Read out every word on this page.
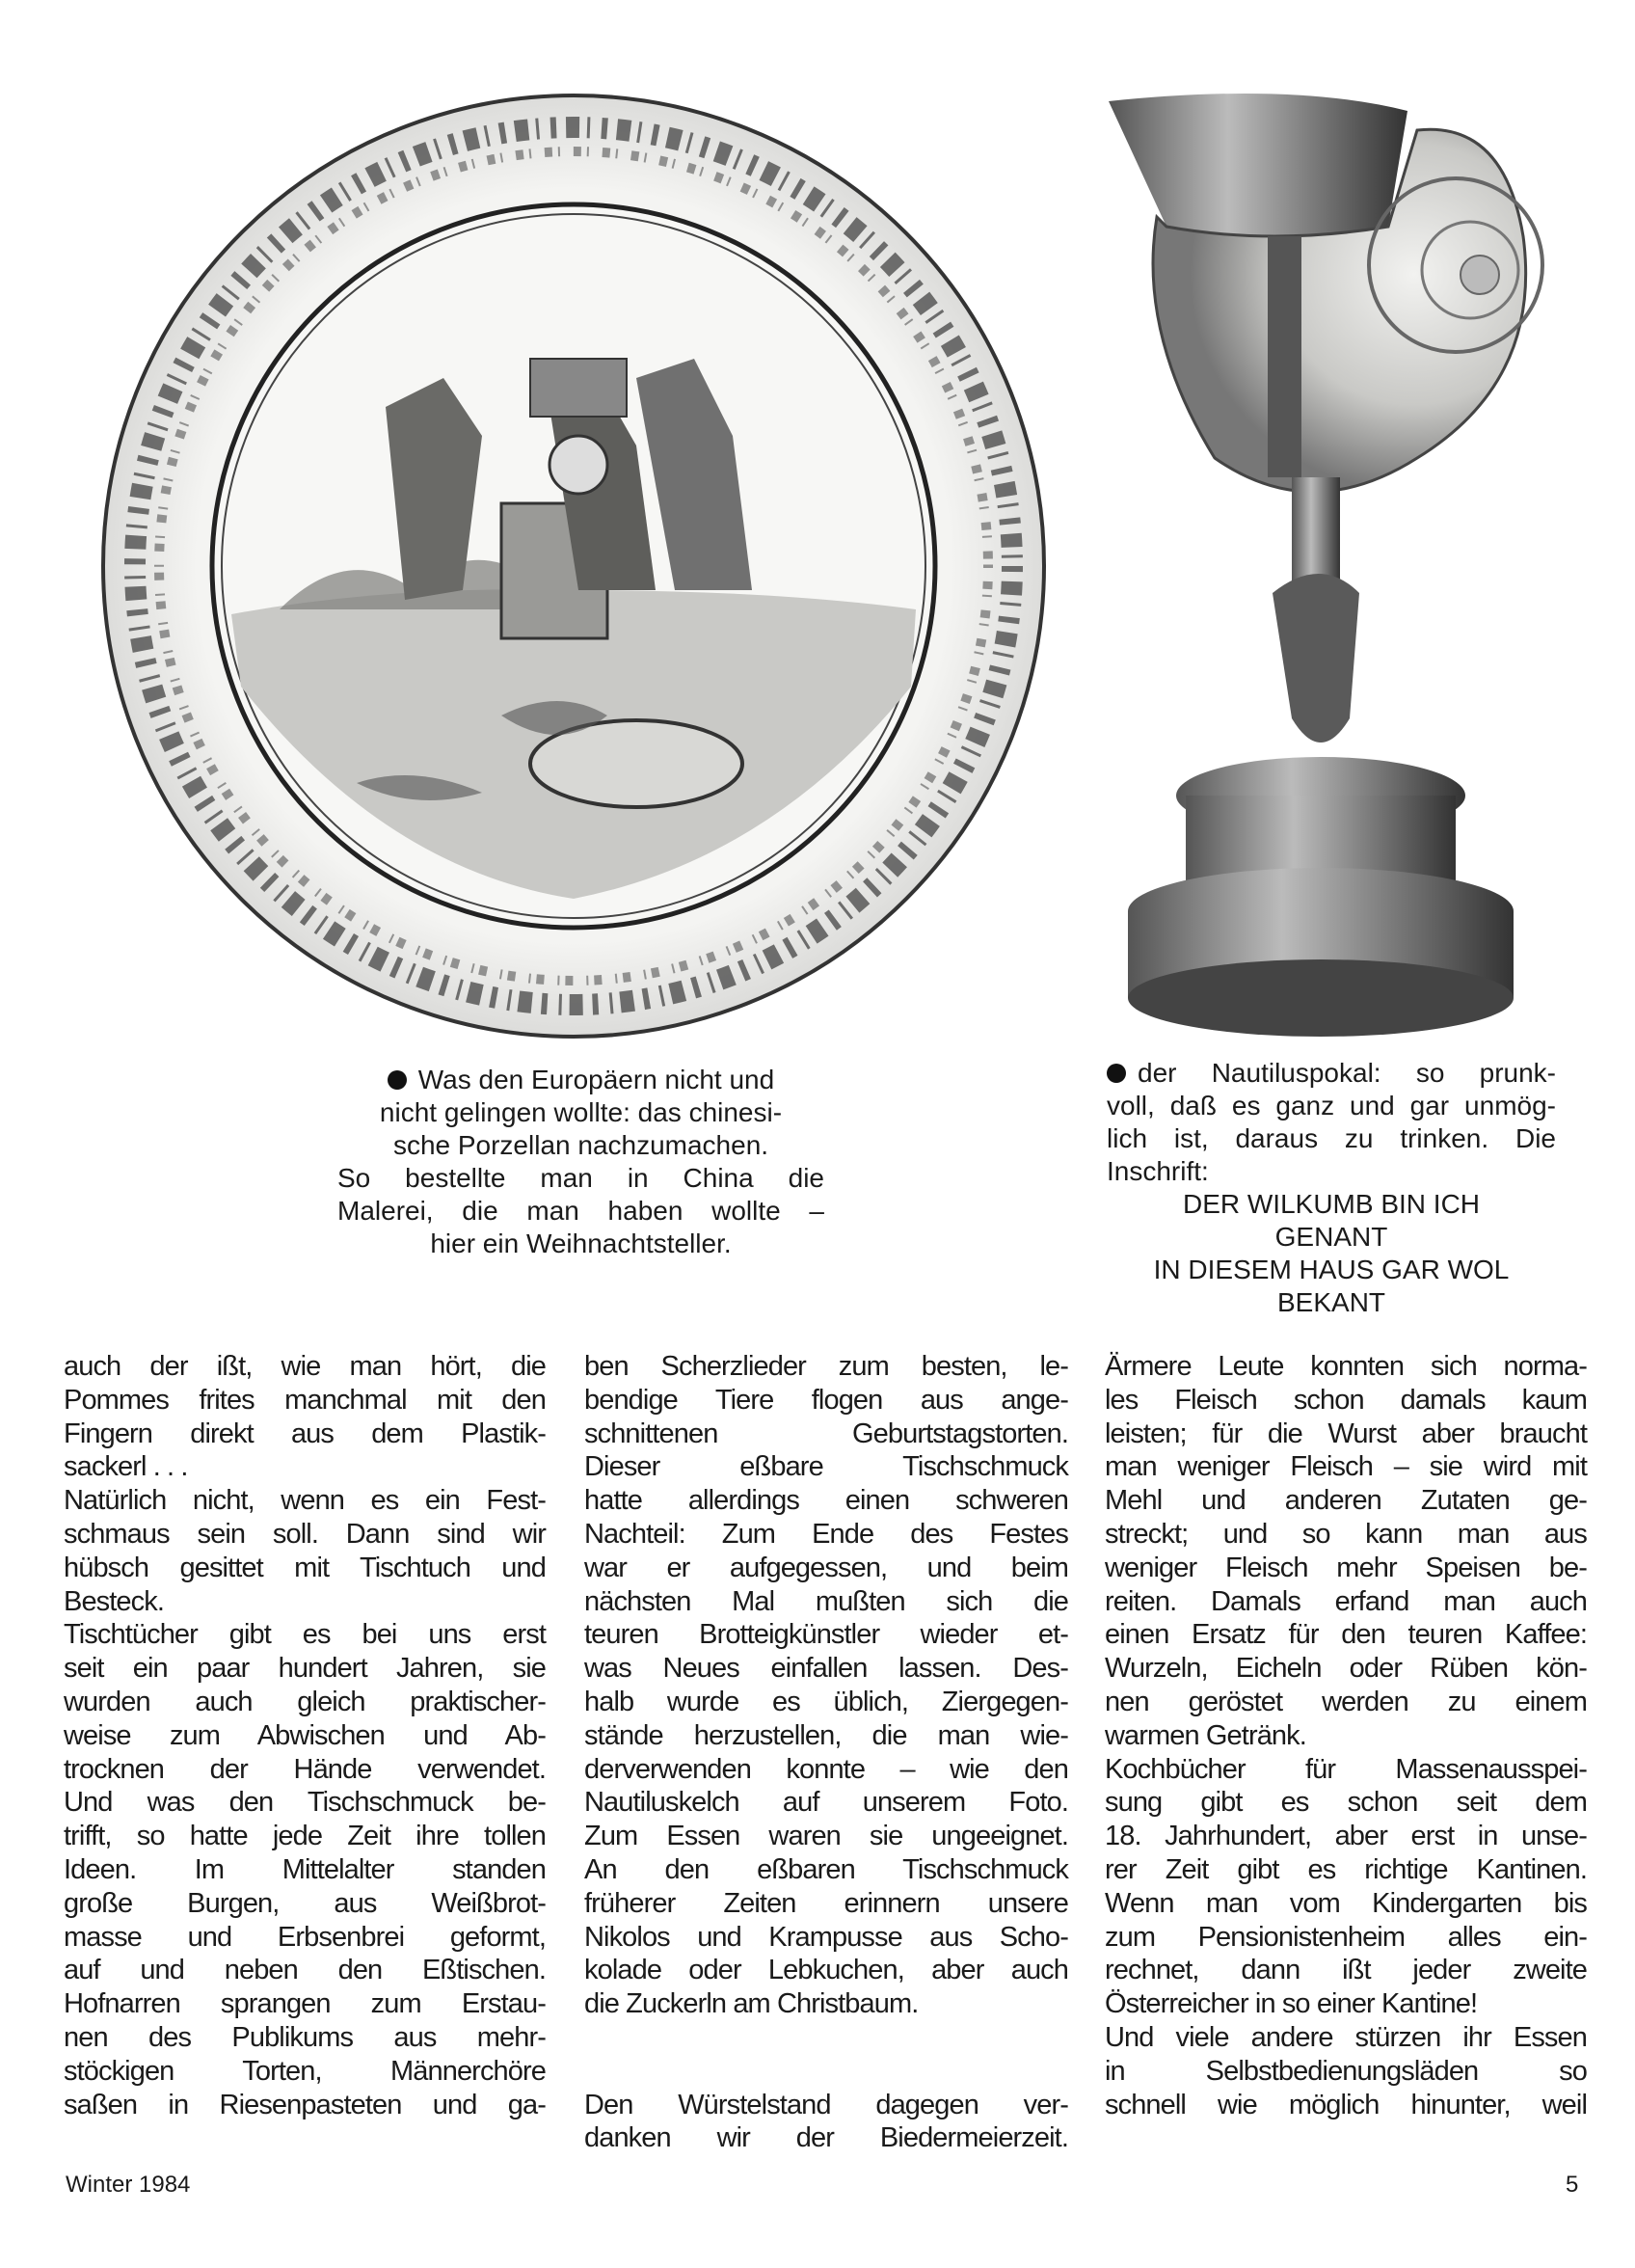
Was den Europäern nicht und
nicht gelingen wollte: das chinesi-
sche Porzellan nachzumachen.
So bestellte man in China die
Malerei, die man haben wollte –
hier ein Weihnachtsteller.
der Nautiluspokal: so prunk-
voll, daß es ganz und gar unmög-
lich ist, daraus zu trinken. Die
Inschrift:
DER WILKUMB BIN ICH
GENANT
IN DIESEM HAUS GAR WOL
BEKANT
auch der ißt, wie man hört, die
Pommes frites manchmal mit den
Fingern direkt aus dem Plastik-
sackerl . . .
Natürlich nicht, wenn es ein Fest-
schmaus sein soll. Dann sind wir
hübsch gesittet mit Tischtuch und
Besteck.
Tischtücher gibt es bei uns erst
seit ein paar hundert Jahren, sie
wurden auch gleich praktischer-
weise zum Abwischen und Ab-
trocknen der Hände verwendet.
Und was den Tischschmuck be-
trifft, so hatte jede Zeit ihre tollen
Ideen. Im Mittelalter standen
große Burgen, aus Weißbrot-
masse und Erbsenbrei geformt,
auf und neben den Eßtischen.
Hofnarren sprangen zum Erstau-
nen des Publikums aus mehr-
stöckigen Torten, Männerchöre
saßen in Riesenpasteten und ga-
ben Scherzlieder zum besten, le-
bendige Tiere flogen aus ange-
schnittenen Geburtstagstorten.
Dieser eßbare Tischschmuck
hatte allerdings einen schweren
Nachteil: Zum Ende des Festes
war er aufgegessen, und beim
nächsten Mal mußten sich die
teuren Brotteigkünstler wieder et-
was Neues einfallen lassen. Des-
halb wurde es üblich, Ziergegen-
stände herzustellen, die man wie-
derverwenden konnte – wie den
Nautiluskelch auf unserem Foto.
Zum Essen waren sie ungeeignet.
An den eßbaren Tischschmuck
früherer Zeiten erinnern unsere
Nikolos und Krampusse aus Scho-
kolade oder Lebkuchen, aber auch
die Zuckerln am Christbaum.
Den Würstelstand dagegen ver-
danken wir der Biedermeierzeit.
Ärmere Leute konnten sich norma-
les Fleisch schon damals kaum
leisten; für die Wurst aber braucht
man weniger Fleisch – sie wird mit
Mehl und anderen Zutaten ge-
streckt; und so kann man aus
weniger Fleisch mehr Speisen be-
reiten. Damals erfand man auch
einen Ersatz für den teuren Kaffee:
Wurzeln, Eicheln oder Rüben kön-
nen geröstet werden zu einem
warmen Getränk.
Kochbücher für Massenausspei-
sung gibt es schon seit dem
18. Jahrhundert, aber erst in unse-
rer Zeit gibt es richtige Kantinen.
Wenn man vom Kindergarten bis
zum Pensionistenheim alles ein-
rechnet, dann ißt jeder zweite
Österreicher in so einer Kantine!
Und viele andere stürzen ihr Essen
in Selbstbedienungsläden so
schnell wie möglich hinunter, weil
Winter 1984	5
